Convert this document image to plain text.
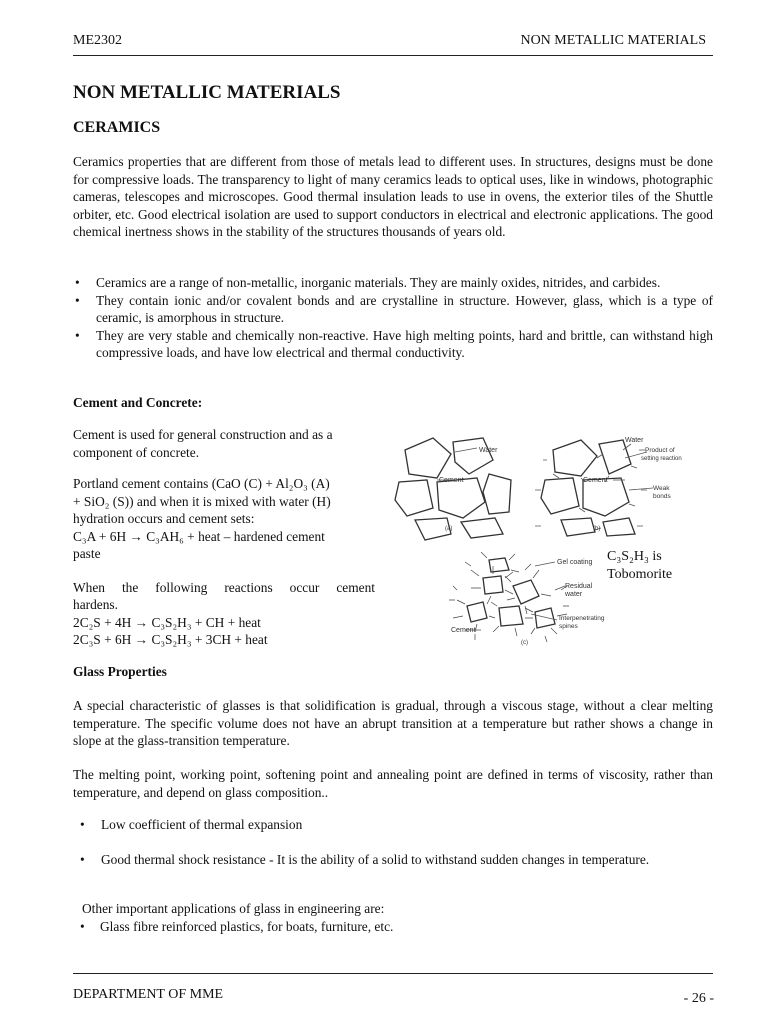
ME2302	NON METALLIC MATERIALS
NON METALLIC MATERIALS
CERAMICS
Ceramics properties that are different from those of metals lead to different uses. In structures, designs must be done for compressive loads. The transparency to light of many ceramics leads to optical uses, like in windows, photographic cameras, telescopes and microscopes. Good thermal insulation leads to use in ovens, the exterior tiles of the Shuttle orbiter, etc. Good electrical isolation are used to support conductors in electrical and electronic applications. The good chemical inertness shows in the stability of the structures thousands of years old.
• Ceramics are a range of non-metallic, inorganic materials. They are mainly oxides, nitrides, and carbides.
• They contain ionic and/or covalent bonds and are crystalline in structure. However, glass, which is a type of ceramic, is amorphous in structure.
• They are very stable and chemically non-reactive. Have high melting points, hard and brittle, can withstand high compressive loads, and have low electrical and thermal conductivity.
Cement and Concrete:
Cement is used for general construction and as a component of concrete.
Portland cement contains (CaO (C) + Al₂O₃ (A)
+ SiO₂ (S)) and when it is mixed with water (H)
hydration occurs and cement sets:
C₃A + 6H → C₃AH₆ + heat – hardened cement
paste
When the following reactions occur cement
hardens.
2C₂S + 4H → C₃S₂H₃ + CH + heat
2C₃S + 6H → C₃S₂H₃ + 3CH + heat
Water
Cement
(a)
Water
Product of
setting reaction
Cement
Weak
bonds
(b)
Gel coating
Residual
water
Cement
Interpenetrating
spines
(c)
C₃S₂H₃ is
Tobomorite
Glass Properties
A special characteristic of glasses is that solidification is gradual, through a viscous stage, without a clear melting temperature. The specific volume does not have an abrupt transition at a temperature but rather shows a change in slope at the glass-transition temperature.
The melting point, working point, softening point and annealing point are defined in terms of viscosity, rather than temperature, and depend on glass composition..
• Low coefficient of thermal expansion
• Good thermal shock resistance - It is the ability of a solid to withstand sudden changes in temperature.
Other important applications of glass in engineering are:
• Glass fibre reinforced plastics, for boats, furniture, etc.
DEPARTMENT OF MME	- 26 -
